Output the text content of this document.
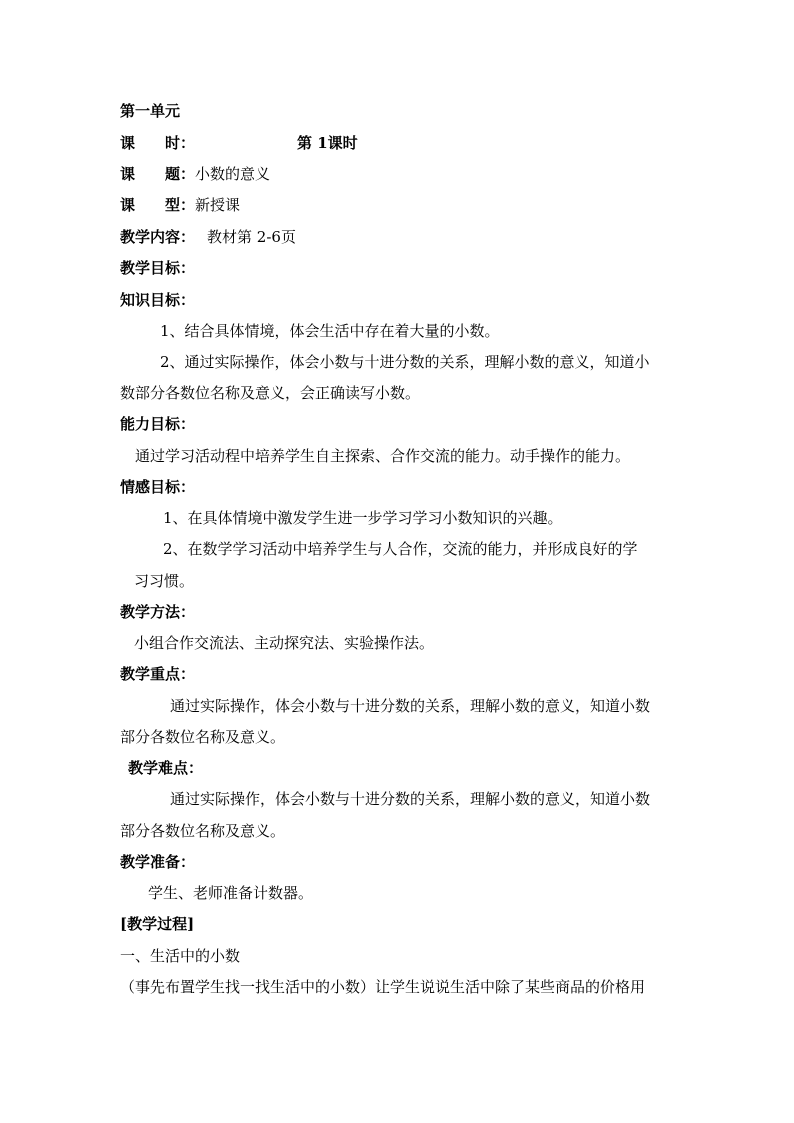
第一单元
课　　时：	第 1课时
课　　题：小数的意义
课　　型：新授课
教学内容： 教材第 2-6页
教学目标：
知识目标：
1、结合具体情境，体会生活中存在着大量的小数。
2、通过实际操作，体会小数与十进分数的关系，理解小数的意义，知道小
数部分各数位名称及意义，会正确读写小数。
能力目标：
通过学习活动程中培养学生自主探索、合作交流的能力。动手操作的能力。
情感目标：
1、在具体情境中激发学生进一步学习学习小数知识的兴趣。
2、在数学学习活动中培养学生与人合作，交流的能力，并形成良好的学
习习惯。
教学方法：
小组合作交流法、主动探究法、实验操作法。
教学重点：
通过实际操作，体会小数与十进分数的关系，理解小数的意义，知道小数
部分各数位名称及意义。
教学难点：
通过实际操作，体会小数与十进分数的关系，理解小数的意义，知道小数
部分各数位名称及意义。
教学准备：
学生、老师准备计数器。
[教学过程]
一、生活中的小数
（事先布置学生找一找生活中的小数）让学生说说生活中除了某些商品的价格用
